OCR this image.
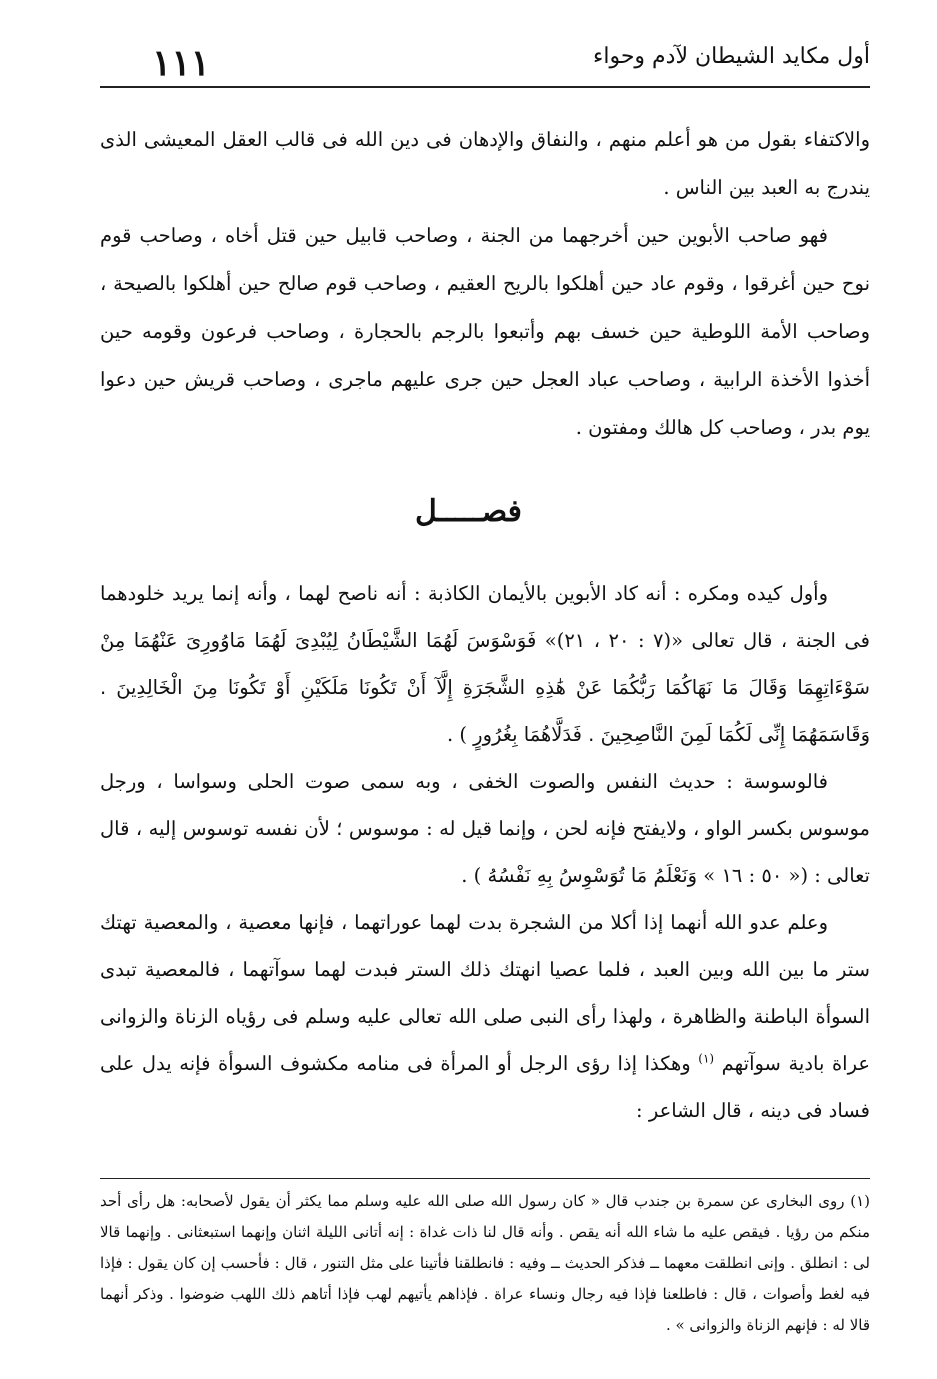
١١١	أول مكايد الشيطان لآدم وحواء

والاكتفاء بقول من هو أعلم منهم ، والنفاق والإدهان فى دين الله فى قالب العقل المعيشى الذى يندرج به العبد بين الناس .

فهو صاحب الأبوين حين أخرجهما من الجنة ، وصاحب قابيل حين قتل أخاه ، وصاحب قوم نوح حين أغرقوا ، وقوم عاد حين أهلكوا بالريح العقيم ، وصاحب قوم صالح حين أهلكوا بالصيحة ، وصاحب الأمة اللوطية حين خسف بهم وأتبعوا بالرجم بالحجارة ، وصاحب فرعون وقومه حين أخذوا الأخذة الرابية ، وصاحب عباد العجل حين جرى عليهم ماجرى ، وصاحب قريش حين دعوا يوم بدر ، وصاحب كل هالك ومفتون .

فصـــــل

وأول كيده ومكره : أنه كاد الأبوين بالأيمان الكاذبة : أنه ناصح لهما ، وأنه إنما يريد خلودهما فى الجنة ، قال تعالى «(٧ : ٢٠ ، ٢١)» فَوَسْوَسَ لَهُمَا الشَّيْطَانُ لِيُبْدِىَ لَهُمَا مَاوُورِىَ عَنْهُمَا مِنْ سَوْءَاتِهِمَا وَقَالَ مَا نَهَاكُمَا رَبُّكُمَا عَنْ هَٰذِهِ الشَّجَرَةِ إِلَّآ أَنْ تَكُونَا مَلَكَيْنِ أَوْ تَكُونَا مِنَ الْخَالِدِينَ . وَقَاسَمَهُمَا إِنِّى لَكُمَا لَمِنَ النَّاصِحِينَ . فَدَلَّاهُمَا بِغُرُورٍ ) .

فالوسوسة : حديث النفس والصوت الخفى ، وبه سمى صوت الحلى وسواسا ، ورجل موسوس بكسر الواو ، ولايفتح فإنه لحن ، وإنما قيل له : موسوس ؛ لأن نفسه توسوس إليه ، قال تعالى : (« ٥٠ : ١٦ » وَنَعْلَمُ مَا تُوَسْوِسُ بِهِ نَفْسُهُ ) .

وعلم عدو الله أنهما إذا أكلا من الشجرة بدت لهما عوراتهما ، فإنها معصية ، والمعصية تهتك ستر ما بين الله وبين العبد ، فلما عصيا انهتك ذلك الستر فبدت لهما سوآتهما ، فالمعصية تبدى السوأة الباطنة والظاهرة ، ولهذا رأى النبى صلى الله تعالى عليه وسلم فى رؤياه الزناة والزوانى عراة بادية سوآتهم $^{(١)}$ وهكذا إذا رؤى الرجل أو المرأة فى منامه مكشوف السوأة فإنه يدل على فساد فى دينه ، قال الشاعر :

(١) روى البخارى عن سمرة بن جندب قال « كان رسول الله صلى الله عليه وسلم مما يكثر أن يقول لأصحابه: هل رأى أحد منكم من رؤيا . فيقص عليه ما شاء الله أنه يقص . وأنه قال لنا ذات غداة : إنه أتانى الليلة اثنان وإنهما استبعثانى . وإنهما قالا لى : انطلق . وإنى انطلقت معهما ــ فذكر الحديث ــ وفيه : فانطلقنا فأتينا على مثل التنور ، قال : فأحسب إن كان يقول : فإذا فيه لغط وأصوات ، قال : فاطلعنا فإذا فيه رجال ونساء عراة . فإذاهم يأتيهم لهب فإذا أتاهم ذلك اللهب ضوضوا . وذكر أنهما قالا له : فإنهم الزناة والزوانى » .
